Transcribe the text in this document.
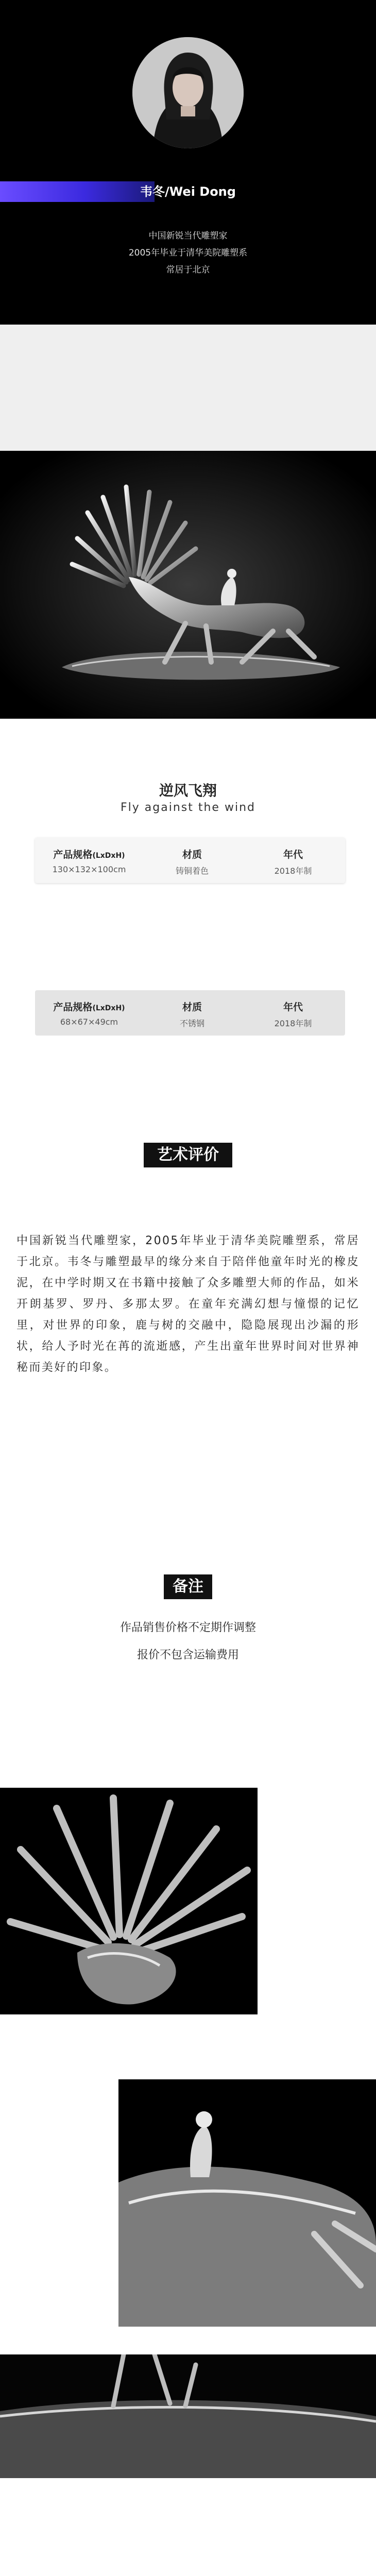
韦冬/Wei Dong
中国新锐当代雕塑家
2005年毕业于清华美院雕塑系
常居于北京
逆风飞翔
Fly against the wind
产品规格(LxDxH)
130×132×100cm
材质
铸铜着色
年代
2018年制
产品规格(LxDxH)
68×67×49cm
材质
不锈钢
年代
2018年制
艺术评价
中国新锐当代雕塑家，2005年毕业于清华美院雕塑系，常居于北京。韦冬与雕塑最早的缘分来自于陪伴他童年时光的橡皮泥，在中学时期又在书籍中接触了众多雕塑大师的作品，如米开朗基罗、罗丹、多那太罗。在童年充满幻想与憧憬的记忆里，对世界的印象，鹿与树的交融中，隐隐展现出沙漏的形状，给人予时光在苒的流逝感，产生出童年世界时间对世界神秘而美好的印象。
备注
作品销售价格不定期作调整
报价不包含运输费用
